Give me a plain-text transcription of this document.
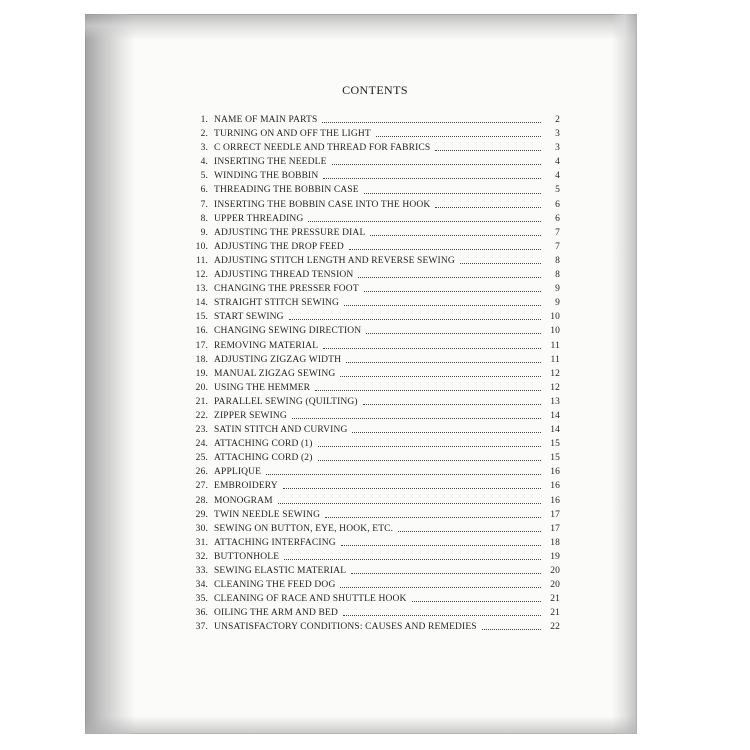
CONTENTS
1. NAME OF MAIN PARTS	2
2. TURNING ON AND OFF THE LIGHT	3
3. C ORRECT NEEDLE AND THREAD FOR FABRICS	3
4. INSERTING THE NEEDLE	4
5. WINDING THE BOBBIN	4
6. THREADING THE BOBBIN CASE	5
7. INSERTING THE BOBBIN CASE INTO THE HOOK	6
8. UPPER THREADING	6
9. ADJUSTING THE PRESSURE DIAL	7
10. ADJUSTING THE DROP FEED	7
11. ADJUSTING STITCH LENGTH AND REVERSE SEWING	8
12. ADJUSTING THREAD TENSION	8
13. CHANGING THE PRESSER FOOT	9
14. STRAIGHT STITCH SEWING	9
15. START SEWING	10
16. CHANGING SEWING DIRECTION	10
17. REMOVING MATERIAL	11
18. ADJUSTING ZIGZAG WIDTH	11
19. MANUAL ZIGZAG SEWING	12
20. USING THE HEMMER	12
21. PARALLEL SEWING (QUILTING)	13
22. ZIPPER SEWING	14
23. SATIN STITCH AND CURVING	14
24. ATTACHING CORD (1)	15
25. ATTACHING CORD (2)	15
26. APPLIQUE	16
27. EMBROIDERY	16
28. MONOGRAM	16
29. TWIN NEEDLE SEWING	17
30. SEWING ON BUTTON, EYE, HOOK, ETC.	17
31. ATTACHING INTERFACING	18
32. BUTTONHOLE	19
33. SEWING ELASTIC MATERIAL	20
34. CLEANING THE FEED DOG	20
35. CLEANING OF RACE AND SHUTTLE HOOK	21
36. OILING THE ARM AND BED	21
37. UNSATISFACTORY CONDITIONS: CAUSES AND REMEDIES	22
